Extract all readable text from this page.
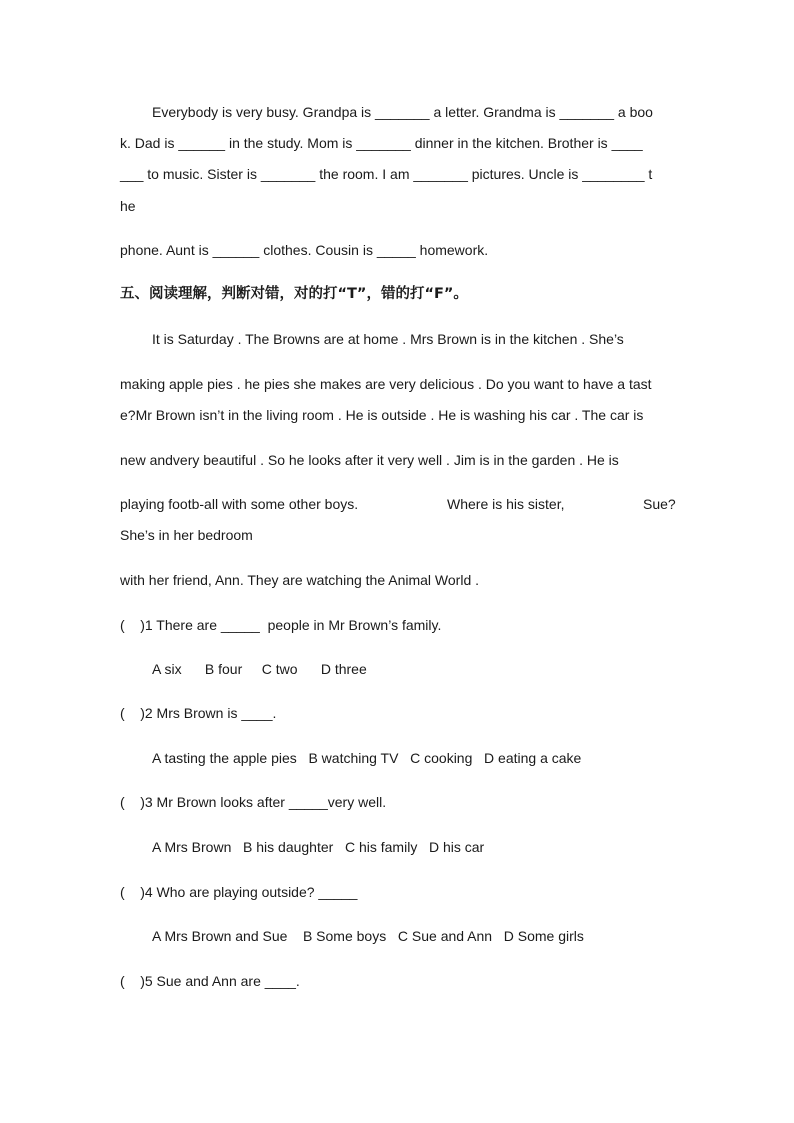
Everybody is very busy. Grandpa is _______ a letter. Grandma is _______ a boo
k. Dad is ______ in the study. Mom is _______ dinner in the kitchen. Brother is ____
___ to music. Sister is _______ the room. I am _______ pictures. Uncle is ________ t
he
phone. Aunt is ______ clothes. Cousin is _____ homework.
五、阅读理解，判断对错，对的打“T”，错的打“F”。
It is Saturday . The Browns are at home . Mrs Brown is in the kitchen . She’s
making apple pies . he pies she makes are very delicious . Do you want to have a tast
e?Mr Brown isn’t in the living room . He is outside . He is washing his car . The car is
new andvery beautiful . So he looks after it very well . Jim is in the garden . He is
playing footb-all with some other boys.	Where is his sister,	Sue?
She’s in her bedroom
with her friend, Ann. They are watching the Animal World .
(    )1 There are _____  people in Mr Brown’s family.
A six      B four     C two      D three
(    )2 Mrs Brown is ____.
A tasting the apple pies   B watching TV   C cooking   D eating a cake
(    )3 Mr Brown looks after _____very well.
A Mrs Brown   B his daughter   C his family   D his car
(    )4 Who are playing outside? _____
A Mrs Brown and Sue    B Some boys   C Sue and Ann   D Some girls
(    )5 Sue and Ann are ____.
